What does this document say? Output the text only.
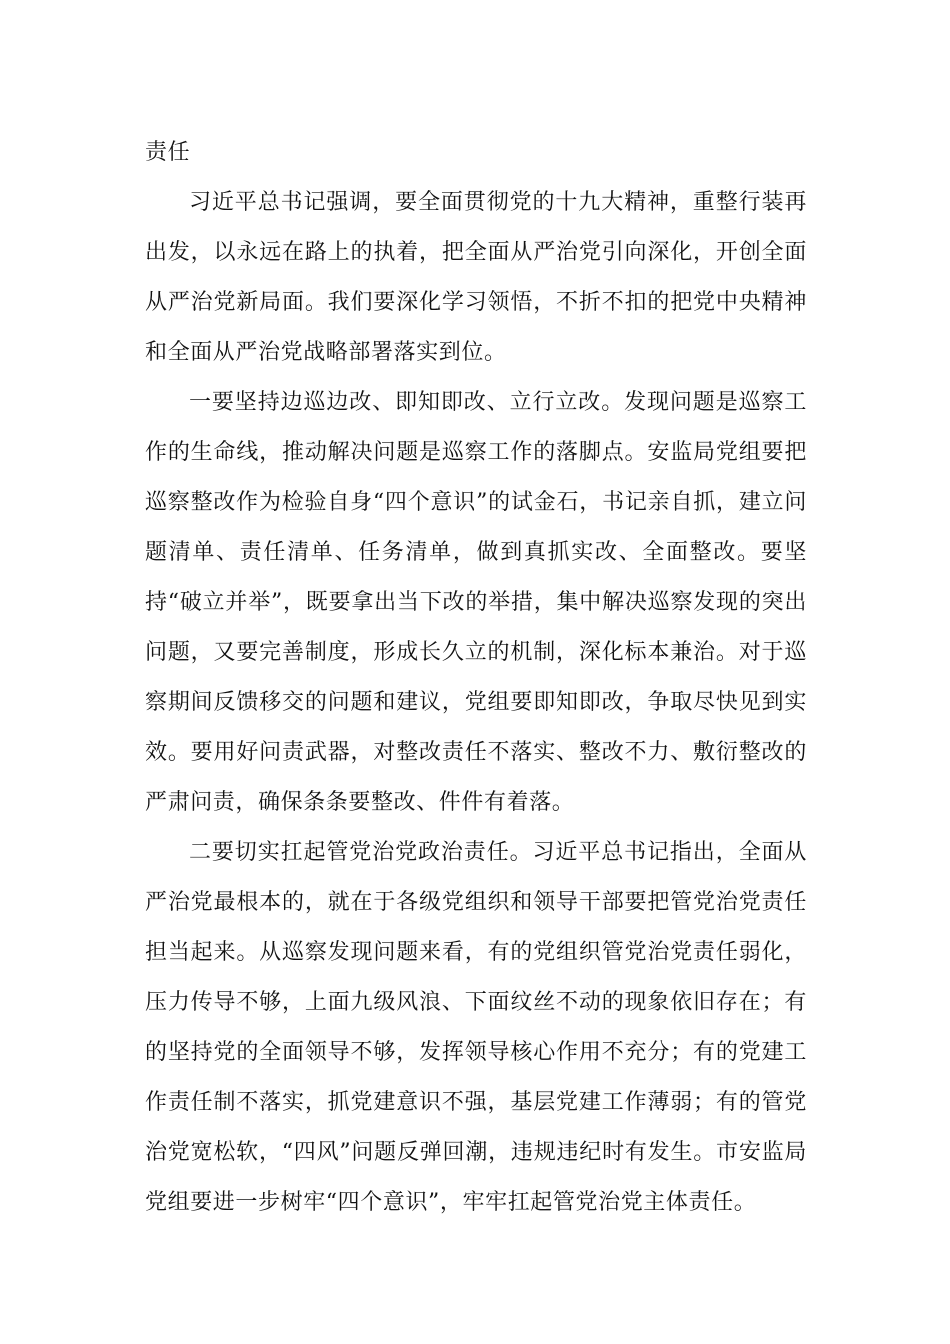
责任

习近平总书记强调，要全面贯彻党的十九大精神，重整行装再出发，以永远在路上的执着，把全面从严治党引向深化，开创全面从严治党新局面。我们要深化学习领悟，不折不扣的把党中央精神和全面从严治党战略部署落实到位。

一要坚持边巡边改、即知即改、立行立改。发现问题是巡察工作的生命线，推动解决问题是巡察工作的落脚点。安监局党组要把巡察整改作为检验自身“四个意识”的试金石，书记亲自抓，建立问题清单、责任清单、任务清单，做到真抓实改、全面整改。要坚持“破立并举”，既要拿出当下改的举措，集中解决巡察发现的突出问题，又要完善制度，形成长久立的机制，深化标本兼治。对于巡察期间反馈移交的问题和建议，党组要即知即改，争取尽快见到实效。要用好问责武器，对整改责任不落实、整改不力、敷衍整改的严肃问责，确保条条要整改、件件有着落。

二要切实扛起管党治党政治责任。习近平总书记指出，全面从严治党最根本的，就在于各级党组织和领导干部要把管党治党责任担当起来。从巡察发现问题来看，有的党组织管党治党责任弱化，压力传导不够，上面九级风浪、下面纹丝不动的现象依旧存在；有的坚持党的全面领导不够，发挥领导核心作用不充分；有的党建工作责任制不落实，抓党建意识不强，基层党建工作薄弱；有的管党治党宽松软，“四风”问题反弹回潮，违规违纪时有发生。市安监局党组要进一步树牢“四个意识”，牢牢扛起管党治党主体责任。
